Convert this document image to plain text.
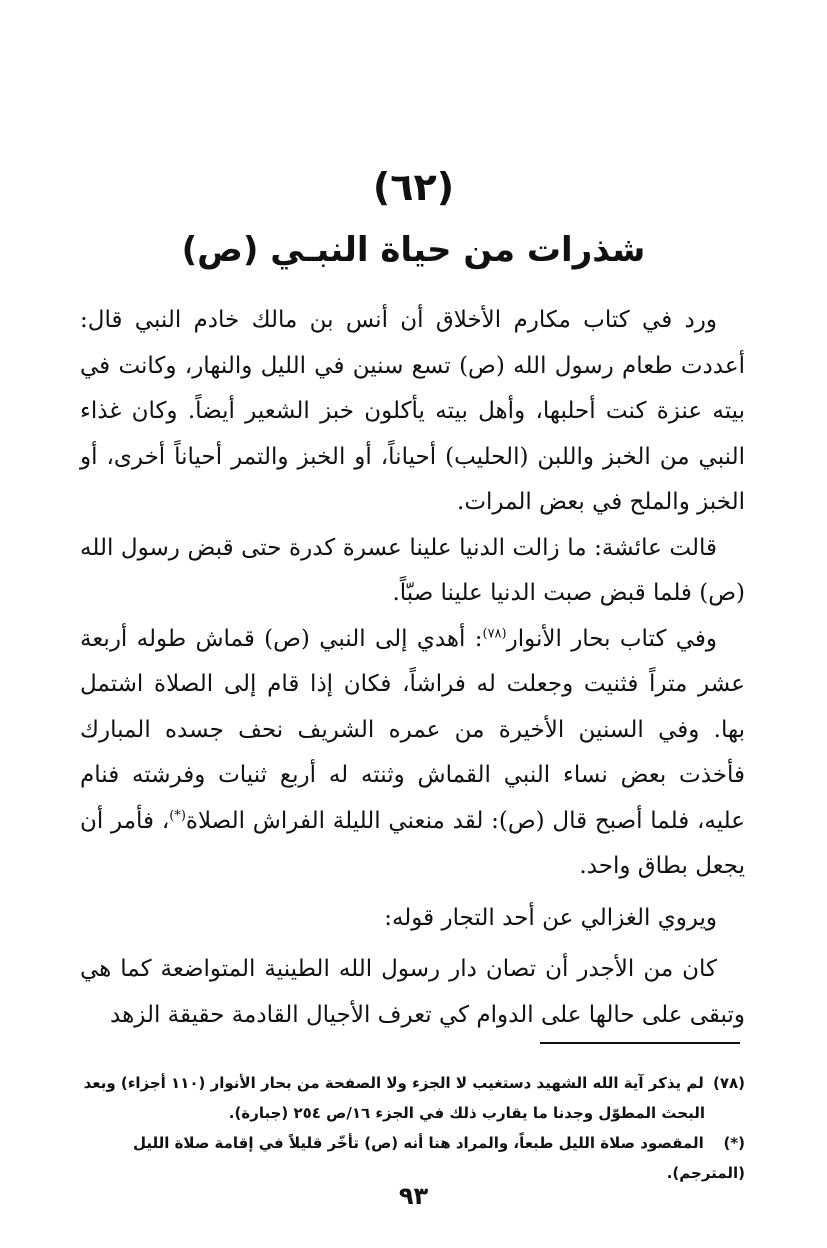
(٦٢)
شذرات من حياة النبـي (ص)

ورد في كتاب مكارم الأخلاق أن أنس بن مالك خادم النبي قال: أعددت طعام رسول الله (ص) تسع سنين في الليل والنهار، وكانت في بيته عنزة كنت أحلبها، وأهل بيته يأكلون خبز الشعير أيضاً. وكان غذاء النبي من الخبز واللبن (الحليب) أحياناً، أو الخبز والتمر أحياناً أخرى، أو الخبز والملح في بعض المرات.

قالت عائشة: ما زالت الدنيا علينا عسرة كدرة حتى قبض رسول الله (ص) فلما قبض صبت الدنيا علينا صبّاً.

وفي كتاب بحار الأنوار$^{(٧٨)}$: أهدي إلى النبي (ص) قماش طوله أربعة عشر متراً فثنيت وجعلت له فراشاً، فكان إذا قام إلى الصلاة اشتمل بها. وفي السنين الأخيرة من عمره الشريف نحف جسده المبارك فأخذت بعض نساء النبي القماش وثنته له أربع ثنيات وفرشته فنام عليه، فلما أصبح قال (ص): لقد منعني الليلة الفراش الصلاة(*)، فأمر أن يجعل بطاق واحد.

ويروي الغزالي عن أحد التجار قوله:

كان من الأجدر أن تصان دار رسول الله الطينية المتواضعة كما هي وتبقى على حالها على الدوام كي تعرف الأجيال القادمة حقيقة الزهد

(٧٨) لم يذكر آية الله الشهيد دستغيب لا الجزء ولا الصفحة من بحار الأنوار (١١٠ أجزاء) وبعد

البحث المطوّل وجدنا ما يقارب ذلك في الجزء ١٦/ص ٢٥٤ (جبارة).

(*) المقصود صلاة الليل طبعاً، والمراد هنا أنه (ص) تأخّر قليلاً في إقامة صلاة الليل (المترجم).

٩٣
